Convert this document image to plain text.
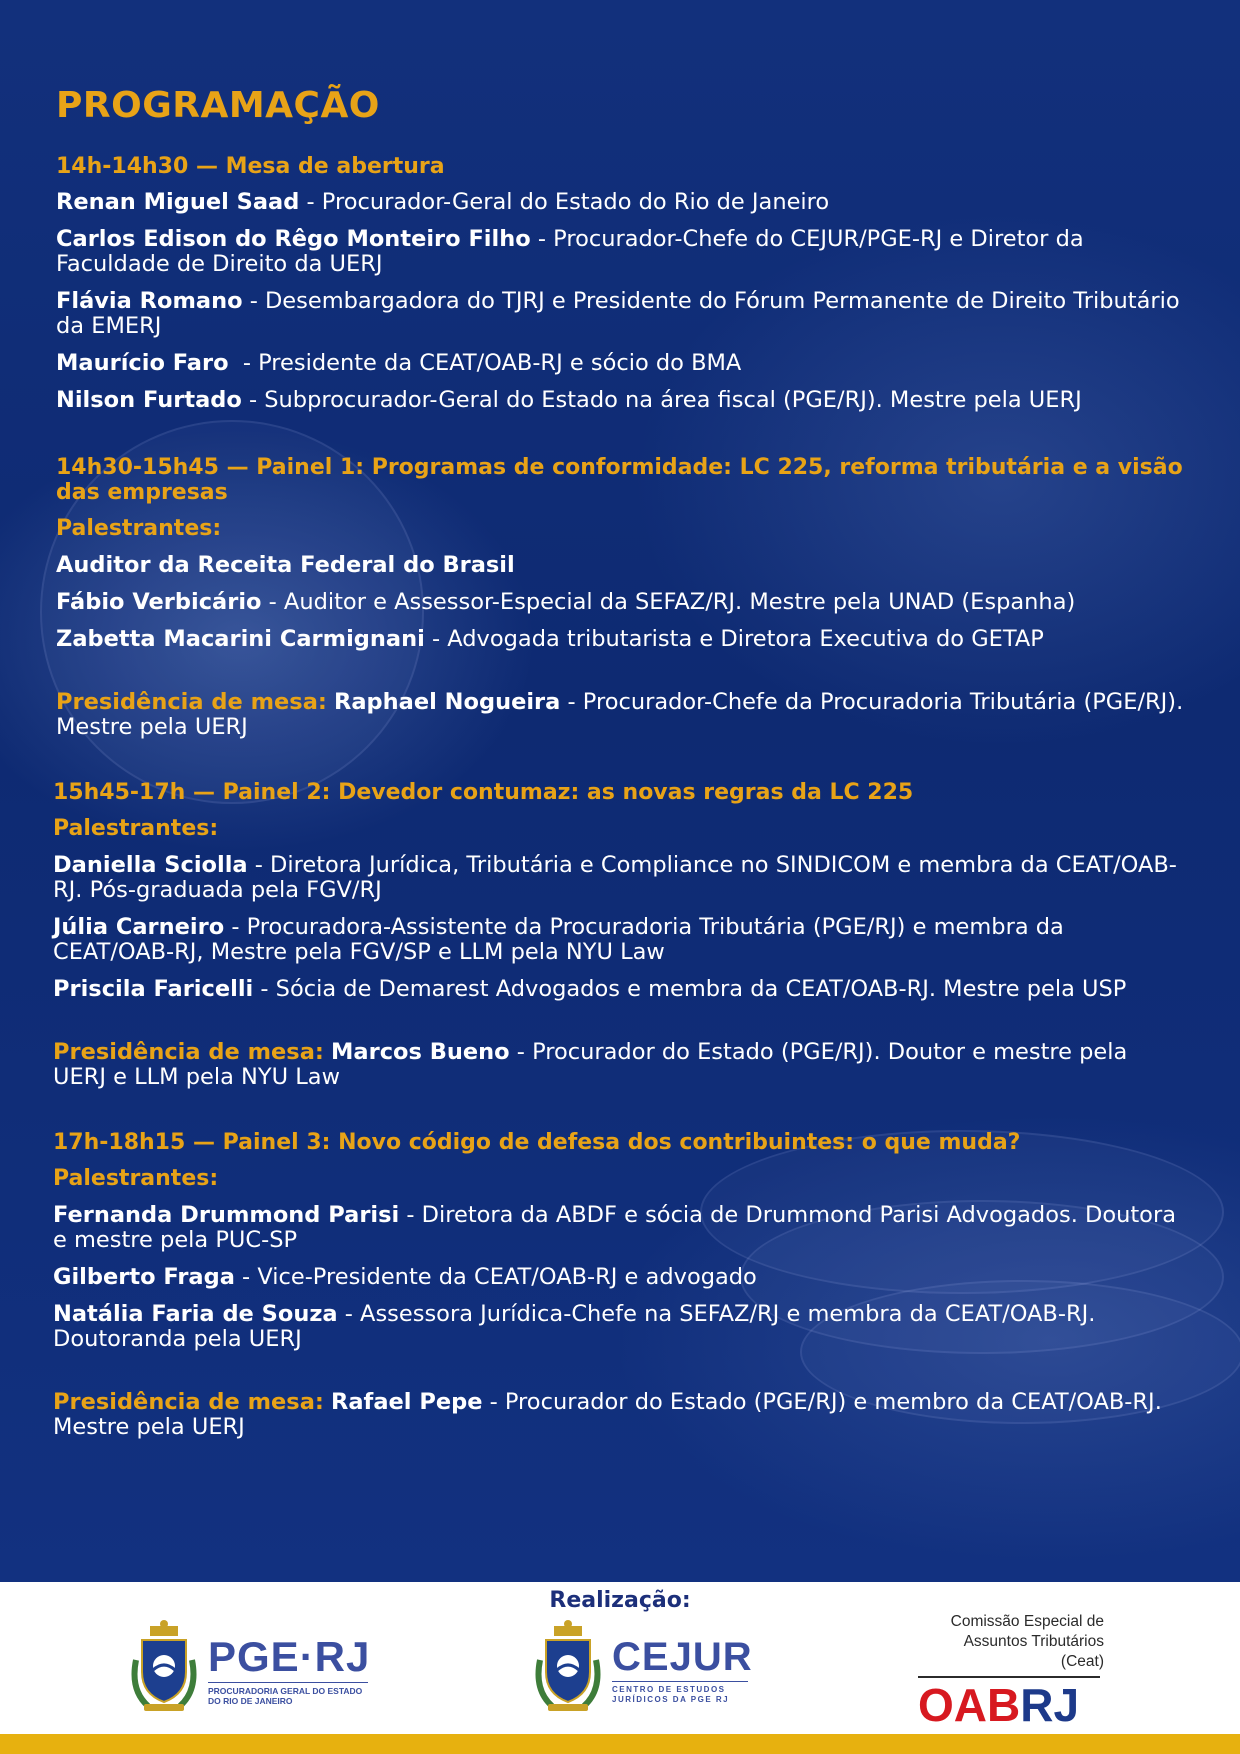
PROGRAMAÇÃO
14h-14h30 — Mesa de abertura
Renan Miguel Saad - Procurador-Geral do Estado do Rio de Janeiro
Carlos Edison do Rêgo Monteiro Filho - Procurador-Chefe do CEJUR/PGE-RJ e Diretor da Faculdade de Direito da UERJ
Flávia Romano - Desembargadora do TJRJ e Presidente do Fórum Permanente de Direito Tributário da EMERJ
Maurício Faro  - Presidente da CEAT/OAB-RJ e sócio do BMA
Nilson Furtado - Subprocurador-Geral do Estado na área fiscal (PGE/RJ). Mestre pela UERJ
14h30-15h45 — Painel 1: Programas de conformidade: LC 225, reforma tributária e a visão das empresas
Palestrantes:
Auditor da Receita Federal do Brasil
Fábio Verbicário - Auditor e Assessor-Especial da SEFAZ/RJ. Mestre pela UNAD (Espanha)
Zabetta Macarini Carmignani - Advogada tributarista e Diretora Executiva do GETAP
Presidência de mesa: Raphael Nogueira - Procurador-Chefe da Procuradoria Tributária (PGE/RJ). Mestre pela UERJ
15h45-17h — Painel 2: Devedor contumaz: as novas regras da LC 225
Palestrantes:
Daniella Sciolla - Diretora Jurídica, Tributária e Compliance no SINDICOM e membra da CEAT/OAB-RJ. Pós-graduada pela FGV/RJ
Júlia Carneiro - Procuradora-Assistente da Procuradoria Tributária (PGE/RJ) e membra da CEAT/OAB-RJ, Mestre pela FGV/SP e LLM pela NYU Law
Priscila Faricelli - Sócia de Demarest Advogados e membra da CEAT/OAB-RJ. Mestre pela USP
Presidência de mesa: Marcos Bueno - Procurador do Estado (PGE/RJ). Doutor e mestre pela UERJ e LLM pela NYU Law
17h-18h15 — Painel 3: Novo código de defesa dos contribuintes: o que muda?
Palestrantes:
Fernanda Drummond Parisi - Diretora da ABDF e sócia de Drummond Parisi Advogados. Doutora e mestre pela PUC-SP
Gilberto Fraga - Vice-Presidente da CEAT/OAB-RJ e advogado
Natália Faria de Souza - Assessora Jurídica-Chefe na SEFAZ/RJ e membra da CEAT/OAB-RJ. Doutoranda pela UERJ
Presidência de mesa: Rafael Pepe - Procurador do Estado (PGE/RJ) e membro da CEAT/OAB-RJ. Mestre pela UERJ
Realização:
PGE·RJ
PROCURADORIA GERAL DO ESTADO
DO RIO DE JANEIRO
CEJUR
CENTRO DE ESTUDOS
JURÍDICOS DA PGE RJ
Comissão Especial de
Assuntos Tributários (Ceat)
OABRJ
